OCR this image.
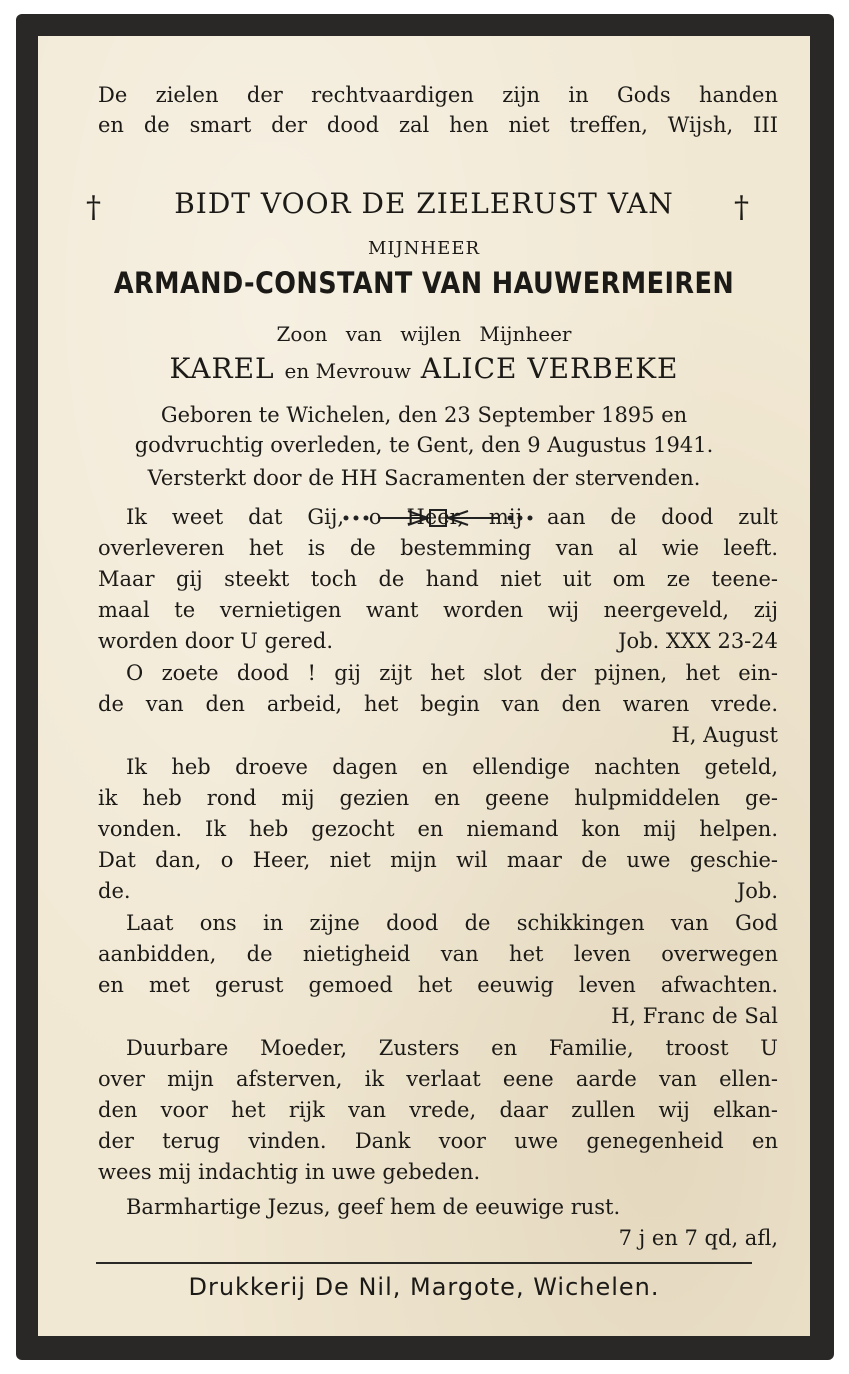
De zielen der rechtvaardigen zijn in Gods handen
en de smart der dood zal hen niet treffen, Wijsh, III
†	BIDT VOOR DE ZIELERUST VAN	†
MIJNHEER
ARMAND-CONSTANT VAN HAUWERMEIREN
Zoon van wijlen Mijnheer
KAREL en Mevrouw ALICE VERBEKE
Geboren te Wichelen, den 23 September 1895 en
godvruchtig overleden, te Gent, den 9 Augustus 1941.
Versterkt door de HH Sacramenten der stervenden.
Ik weet dat Gij, o Heer, mij aan de dood zult
overleveren het is de bestemming van al wie leeft.
Maar gij steekt toch de hand niet uit om ze teene-
maal te vernietigen want worden wij neergeveld, zij
worden door U gered.	Job. XXX 23-24
O zoete dood ! gij zijt het slot der pijnen, het ein-
de van den arbeid, het begin van den waren vrede.
H, August
Ik heb droeve dagen en ellendige nachten geteld,
ik heb rond mij gezien en geene hulpmiddelen ge-
vonden. Ik heb gezocht en niemand kon mij helpen.
Dat dan, o Heer, niet mijn wil maar de uwe geschie-
de.	Job.
Laat ons in zijne dood de schikkingen van God
aanbidden, de nietigheid van het leven overwegen
en met gerust gemoed het eeuwig leven afwachten.
H, Franc de Sal
Duurbare Moeder, Zusters en Familie, troost U
over mijn afsterven, ik verlaat eene aarde van ellen-
den voor het rijk van vrede, daar zullen wij elkan-
der terug vinden. Dank voor uwe genegenheid en
wees mij indachtig in uwe gebeden.
Barmhartige Jezus, geef hem de eeuwige rust.
7 j en 7 qd, afl,
Drukkerij De Nil, Margote, Wichelen.
